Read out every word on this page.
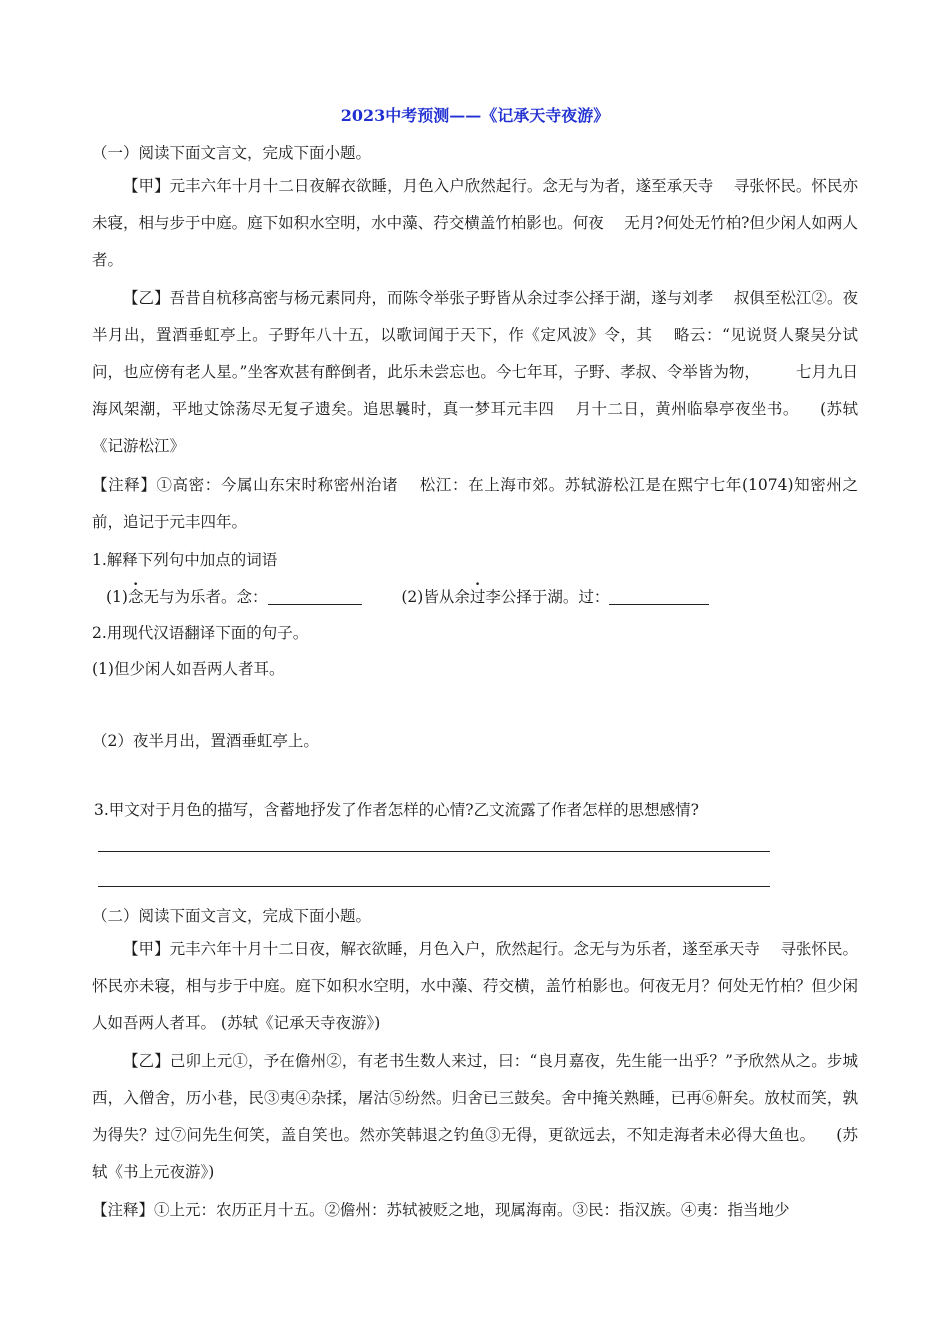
2023中考预测——《记承天寺夜游》
（一）阅读下面文言文，完成下面小题。
【甲】元丰六年十月十二日夜解衣欲睡，月色入户欣然起行。念无与为者，遂至承天寺 　寻张怀民。怀民亦未寝，相与步于中庭。庭下如积水空明，水中藻、荇交横盖竹柏影也。何夜 　无月?何处无竹柏?但少闲人如两人者。
【乙】吾昔自杭移高密与杨元素同舟，而陈令举张子野皆从余过李公择于湖，遂与刘孝 　叔俱至松江②。夜半月出，置酒垂虹亭上。子野年八十五，以歌词闻于天下，作《定风波》令，其 　略云：“见说贤人聚吴分试问，也应傍有老人星。”坐客欢甚有醉倒者，此乐未尝忘也。今七年耳，子野、孝叔、令举皆为物， 　　七月九日海风架潮，平地丈馀荡尽无复孑遗矣。追思曩时，真一梦耳元丰四 　月十二日，黄州临皋亭夜坐书。 　(苏轼《记游松江》
【注释】①高密：今属山东宋时称密州治诸 　松江：在上海市郊。苏轼游松江是在熙宁七年(1074)知密州之前，追记于元丰四年。
1.解释下列句中加点的词语
(1)念无与为乐者。念：	(2)皆从余过李公择于湖。过：
2.用现代汉语翻译下面的句子。
(1)但少闲人如吾两人者耳。
（2）夜半月出，置酒垂虹亭上。
3.甲文对于月色的描写，含蓄地抒发了作者怎样的心情?乙文流露了作者怎样的思想感情?
（二）阅读下面文言文，完成下面小题。
【甲】元丰六年十月十二日夜，解衣欲睡，月色入户，欣然起行。念无与为乐者，遂至承天寺 　寻张怀民。怀民亦未寝，相与步于中庭。庭下如积水空明，水中藻、荇交横，盖竹柏影也。何夜无月？何处无竹柏？但少闲人如吾两人者耳。 (苏轼《记承天寺夜游》)
【乙】己卯上元①，予在儋州②，有老书生数人来过，曰：“良月嘉夜，先生能一出乎？”予欣然从之。步城西，入僧舍，历小巷，民③夷④杂揉，屠沽⑤纷然。归舍已三鼓矣。舍中掩关熟睡，已再⑥鼾矣。放杖而笑，孰为得失？过⑦问先生何笑，盖自笑也。然亦笑韩退之钓鱼③无得，更欲远去，不知走海者未必得大鱼也。 　(苏轼《书上元夜游》)
【注释】①上元：农历正月十五。②儋州：苏轼被贬之地，现属海南。③民：指汉族。④夷：指当地少
